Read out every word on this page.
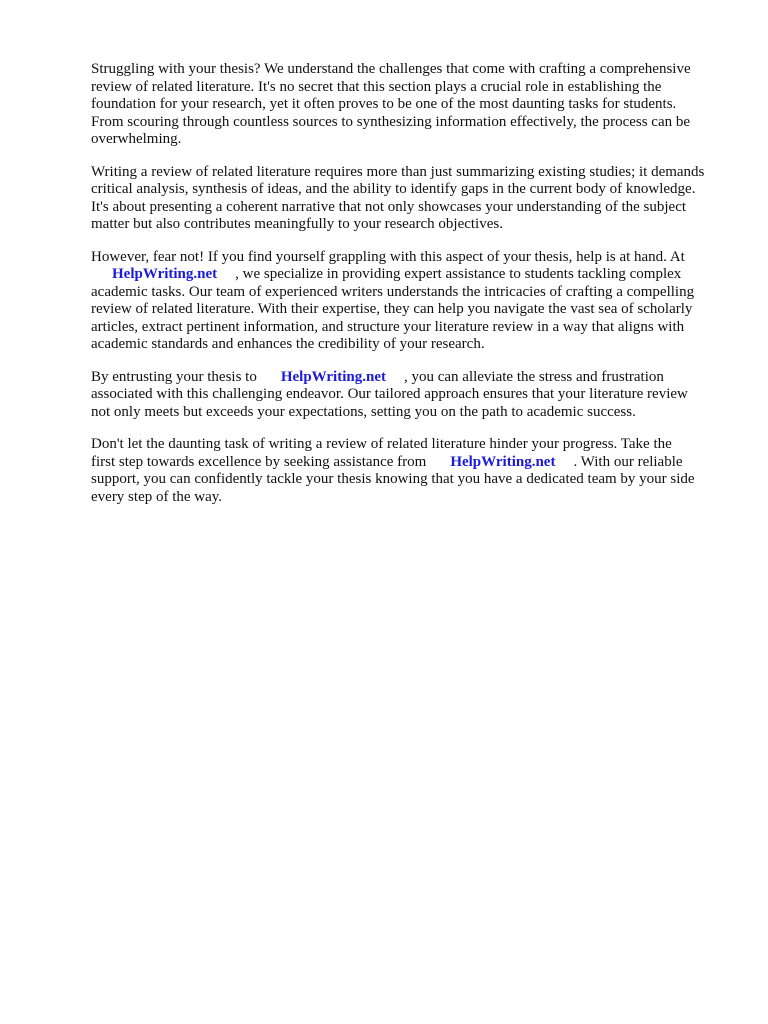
Struggling with your thesis? We understand the challenges that come with crafting a comprehensive
review of related literature. It's no secret that this section plays a crucial role in establishing the
foundation for your research, yet it often proves to be one of the most daunting tasks for students.
From scouring through countless sources to synthesizing information effectively, the process can be
overwhelming.

Writing a review of related literature requires more than just summarizing existing studies; it demands
critical analysis, synthesis of ideas, and the ability to identify gaps in the current body of knowledge.
It's about presenting a coherent narrative that not only showcases your understanding of the subject
matter but also contributes meaningfully to your research objectives.

However, fear not! If you find yourself grappling with this aspect of your thesis, help is at hand. At
HelpWriting.net , we specialize in providing expert assistance to students tackling complex
academic tasks. Our team of experienced writers understands the intricacies of crafting a compelling
review of related literature. With their expertise, they can help you navigate the vast sea of scholarly
articles, extract pertinent information, and structure your literature review in a way that aligns with
academic standards and enhances the credibility of your research.

By entrusting your thesis to HelpWriting.net , you can alleviate the stress and frustration
associated with this challenging endeavor. Our tailored approach ensures that your literature review
not only meets but exceeds your expectations, setting you on the path to academic success.

Don't let the daunting task of writing a review of related literature hinder your progress. Take the
first step towards excellence by seeking assistance from HelpWriting.net . With our reliable
support, you can confidently tackle your thesis knowing that you have a dedicated team by your side
every step of the way.
